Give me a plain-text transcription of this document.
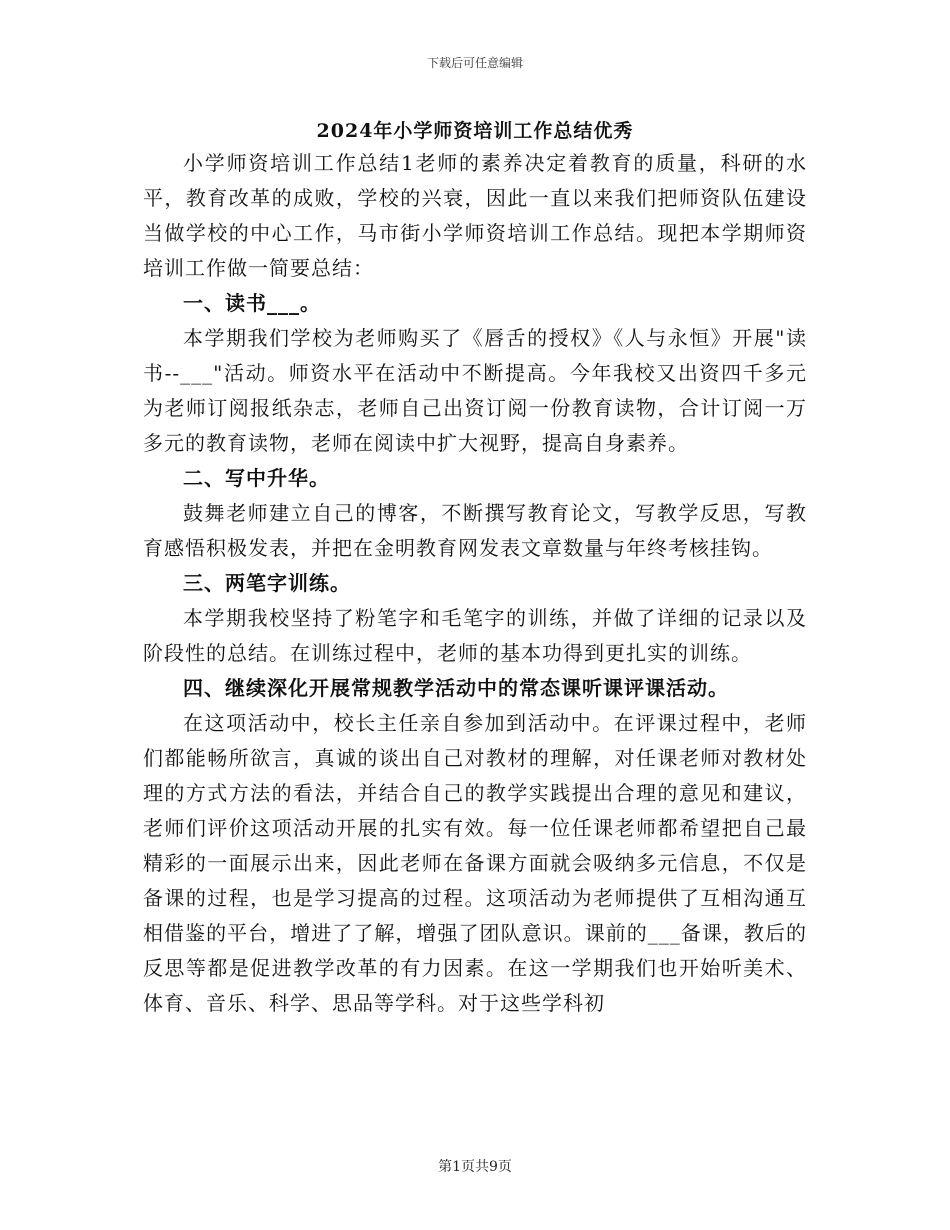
下载后可任意编辑
2024年小学师资培训工作总结优秀

小学师资培训工作总结1老师的素养决定着教育的质量，科研的水平，教育改革的成败，学校的兴衰，因此一直以来我们把师资队伍建设当做学校的中心工作，马市街小学师资培训工作总结。现把本学期师资培训工作做一简要总结：

一、读书___。

本学期我们学校为老师购买了《唇舌的授权》《人与永恒》开展"读书--___"活动。师资水平在活动中不断提高。今年我校又出资四千多元为老师订阅报纸杂志，老师自己出资订阅一份教育读物，合计订阅一万多元的教育读物，老师在阅读中扩大视野，提高自身素养。

二、写中升华。

鼓舞老师建立自己的博客，不断撰写教育论文，写教学反思，写教育感悟积极发表，并把在金明教育网发表文章数量与年终考核挂钩。

三、两笔字训练。

本学期我校坚持了粉笔字和毛笔字的训练，并做了详细的记录以及阶段性的总结。在训练过程中，老师的基本功得到更扎实的训练。

四、继续深化开展常规教学活动中的常态课听课评课活动。

在这项活动中，校长主任亲自参加到活动中。在评课过程中，老师们都能畅所欲言，真诚的谈出自己对教材的理解，对任课老师对教材处理的方式方法的看法，并结合自己的教学实践提出合理的意见和建议，老师们评价这项活动开展的扎实有效。每一位任课老师都希望把自己最精彩的一面展示出来，因此老师在备课方面就会吸纳多元信息，不仅是备课的过程，也是学习提高的过程。这项活动为老师提供了互相沟通互相借鉴的平台，增进了了解，增强了团队意识。课前的___备课，教后的反思等都是促进教学改革的有力因素。在这一学期我们也开始听美术、体育、音乐、科学、思品等学科。对于这些学科初

第1页共9页
